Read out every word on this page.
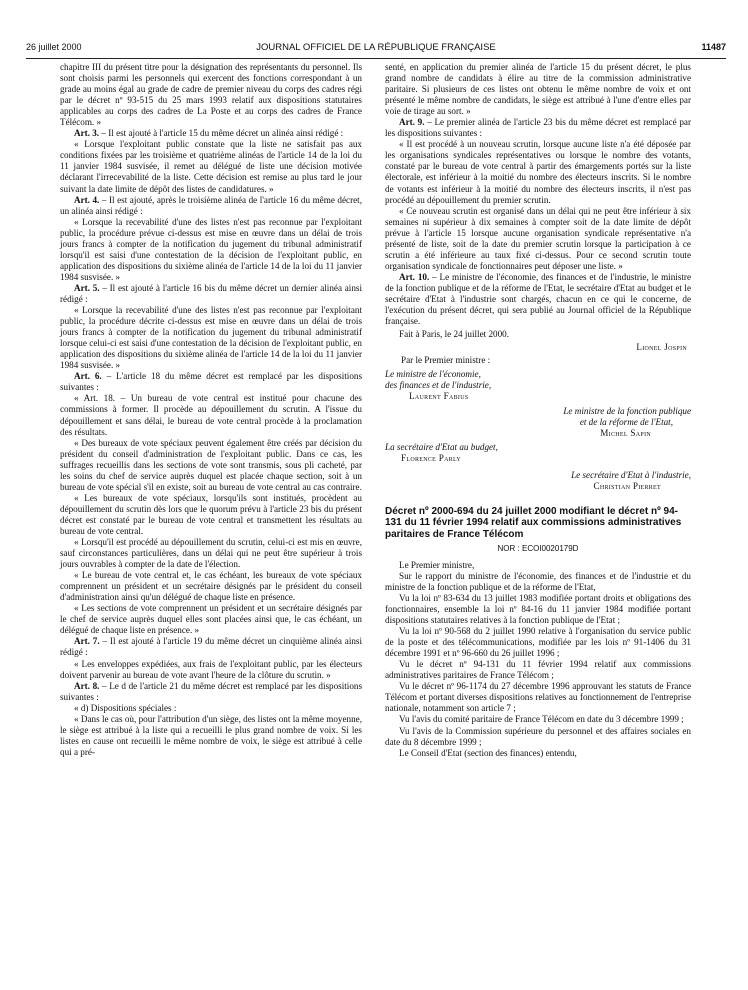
26 juillet 2000	JOURNAL OFFICIEL DE LA RÉPUBLIQUE FRANÇAISE	11487

chapitre III du présent titre pour la désignation des représentants du personnel. Ils sont choisis parmi les personnels qui exercent des fonctions correspondant à un grade au moins égal au grade de cadre de premier niveau du corps des cadres régi par le décret nº 93-515 du 25 mars 1993 relatif aux dispositions statutaires applicables au corps des cadres de La Poste et au corps des cadres de France Télécom. »

Art. 3. – Il est ajouté à l'article 15 du même décret un alinéa ainsi rédigé :

« Lorsque l'exploitant public constate que la liste ne satisfait pas aux conditions fixées par les troisième et quatrième alinéas de l'article 14 de la loi du 11 janvier 1984 susvisée, il remet au délégué de liste une décision motivée déclarant l'irrecevabilité de la liste. Cette décision est remise au plus tard le jour suivant la date limite de dépôt des listes de candidatures. »

Art. 4. – Il est ajouté, après le troisième alinéa de l'article 16 du même décret, un alinéa ainsi rédigé :

« Lorsque la recevabilité d'une des listes n'est pas reconnue par l'exploitant public, la procédure prévue ci-dessus est mise en œuvre dans un délai de trois jours francs à compter de la notification du jugement du tribunal administratif lorsqu'il est saisi d'une contestation de la décision de l'exploitant public, en application des dispositions du sixième alinéa de l'article 14 de la loi du 11 janvier 1984 susvisée. »

Art. 5. – Il est ajouté à l'article 16 bis du même décret un dernier alinéa ainsi rédigé :

« Lorsque la recevabilité d'une des listes n'est pas reconnue par l'exploitant public, la procédure décrite ci-dessus est mise en œuvre dans un délai de trois jours francs à compter de la notification du jugement du tribunal administratif lorsque celui-ci est saisi d'une contestation de la décision de l'exploitant public, en application des dispositions du sixième alinéa de l'article 14 de la loi du 11 janvier 1984 susvisée. »

Art. 6. – L'article 18 du même décret est remplacé par les dispositions suivantes :

« Art. 18. – Un bureau de vote central est institué pour chacune des commissions à former. Il procède au dépouillement du scrutin. A l'issue du dépouillement et sans délai, le bureau de vote central procède à la proclamation des résultats.

« Des bureaux de vote spéciaux peuvent également être créés par décision du président du conseil d'administration de l'exploitant public. Dans ce cas, les suffrages recueillis dans les sections de vote sont transmis, sous pli cacheté, par les soins du chef de service auprès duquel est placée chaque section, soit à un bureau de vote spécial s'il en existe, soit au bureau de vote central au cas contraire.

« Les bureaux de vote spéciaux, lorsqu'ils sont institués, procèdent au dépouillement du scrutin dès lors que le quorum prévu à l'article 23 bis du présent décret est constaté par le bureau de vote central et transmettent les résultats au bureau de vote central.

« Lorsqu'il est procédé au dépouillement du scrutin, celui-ci est mis en œuvre, sauf circonstances particulières, dans un délai qui ne peut être supérieur à trois jours ouvrables à compter de la date de l'élection.

« Le bureau de vote central et, le cas échéant, les bureaux de vote spéciaux comprennent un président et un secrétaire désignés par le président du conseil d'administration ainsi qu'un délégué de chaque liste en présence.

« Les sections de vote comprennent un président et un secrétaire désignés par le chef de service auprès duquel elles sont placées ainsi que, le cas échéant, un délégué de chaque liste en présence. »

Art. 7. – Il est ajouté à l'article 19 du même décret un cinquième alinéa ainsi rédigé :

« Les enveloppes expédiées, aux frais de l'exploitant public, par les électeurs doivent parvenir au bureau de vote avant l'heure de la clôture du scrutin. »

Art. 8. – Le d de l'article 21 du même décret est remplacé par les dispositions suivantes :

« d) Dispositions spéciales :

« Dans le cas où, pour l'attribution d'un siège, des listes ont la même moyenne, le siège est attribué à la liste qui a recueilli le plus grand nombre de voix. Si les listes en cause ont recueilli le même nombre de voix, le siège est attribué à celle qui a pré-

senté, en application du premier alinéa de l'article 15 du présent décret, le plus grand nombre de candidats à élire au titre de la commission administrative paritaire. Si plusieurs de ces listes ont obtenu le même nombre de voix et ont présenté le même nombre de candidats, le siège est attribué à l'une d'entre elles par voie de tirage au sort. »

Art. 9. – Le premier alinéa de l'article 23 bis du même décret est remplacé par les dispositions suivantes :

« Il est procédé à un nouveau scrutin, lorsque aucune liste n'a été déposée par les organisations syndicales représentatives ou lorsque le nombre des votants, constaté par le bureau de vote central à partir des émargements portés sur la liste électorale, est inférieur à la moitié du nombre des électeurs inscrits. Si le nombre de votants est inférieur à la moitié du nombre des électeurs inscrits, il n'est pas procédé au dépouillement du premier scrutin.

« Ce nouveau scrutin est organisé dans un délai qui ne peut être inférieur à six semaines ni supérieur à dix semaines à compter soit de la date limite de dépôt prévue à l'article 15 lorsque aucune organisation syndicale représentative n'a présenté de liste, soit de la date du premier scrutin lorsque la participation à ce scrutin a été inférieure au taux fixé ci-dessus. Pour ce second scrutin toute organisation syndicale de fonctionnaires peut déposer une liste. »

Art. 10. – Le ministre de l'économie, des finances et de l'industrie, le ministre de la fonction publique et de la réforme de l'Etat, le secrétaire d'Etat au budget et le secrétaire d'Etat à l'industrie sont chargés, chacun en ce qui le concerne, de l'exécution du présent décret, qui sera publié au Journal officiel de la République française.

Fait à Paris, le 24 juillet 2000.

Lionel Jospin
Par le Premier ministre :
Le ministre de l'économie,
des finances et de l'industrie,
Laurent Fabius
Le ministre de la fonction publique
et de la réforme de l'Etat,
Michel Sapin
La secrétaire d'Etat au budget,
Florence Parly
Le secrétaire d'Etat à l'industrie,
Christian Pierret

Décret nº 2000-694 du 24 juillet 2000 modifiant le décret nº 94-131 du 11 février 1994 relatif aux commissions administratives paritaires de France Télécom

NOR : ECOI0020179D

Le Premier ministre,

Sur le rapport du ministre de l'économie, des finances et de l'industrie et du ministre de la fonction publique et de la réforme de l'Etat,

Vu la loi nº 83-634 du 13 juillet 1983 modifiée portant droits et obligations des fonctionnaires, ensemble la loi nº 84-16 du 11 janvier 1984 modifiée portant dispositions statutaires relatives à la fonction publique de l'Etat ;

Vu la loi nº 90-568 du 2 juillet 1990 relative à l'organisation du service public de la poste et des télécommunications, modifiée par les lois nº 91-1406 du 31 décembre 1991 et nº 96-660 du 26 juillet 1996 ;

Vu le décret nº 94-131 du 11 février 1994 relatif aux commissions administratives paritaires de France Télécom ;

Vu le décret nº 96-1174 du 27 décembre 1996 approuvant les statuts de France Télécom et portant diverses dispositions relatives au fonctionnement de l'entreprise nationale, notamment son article 7 ;

Vu l'avis du comité paritaire de France Télécom en date du 3 décembre 1999 ;

Vu l'avis de la Commission supérieure du personnel et des affaires sociales en date du 8 décembre 1999 ;

Le Conseil d'Etat (section des finances) entendu,
